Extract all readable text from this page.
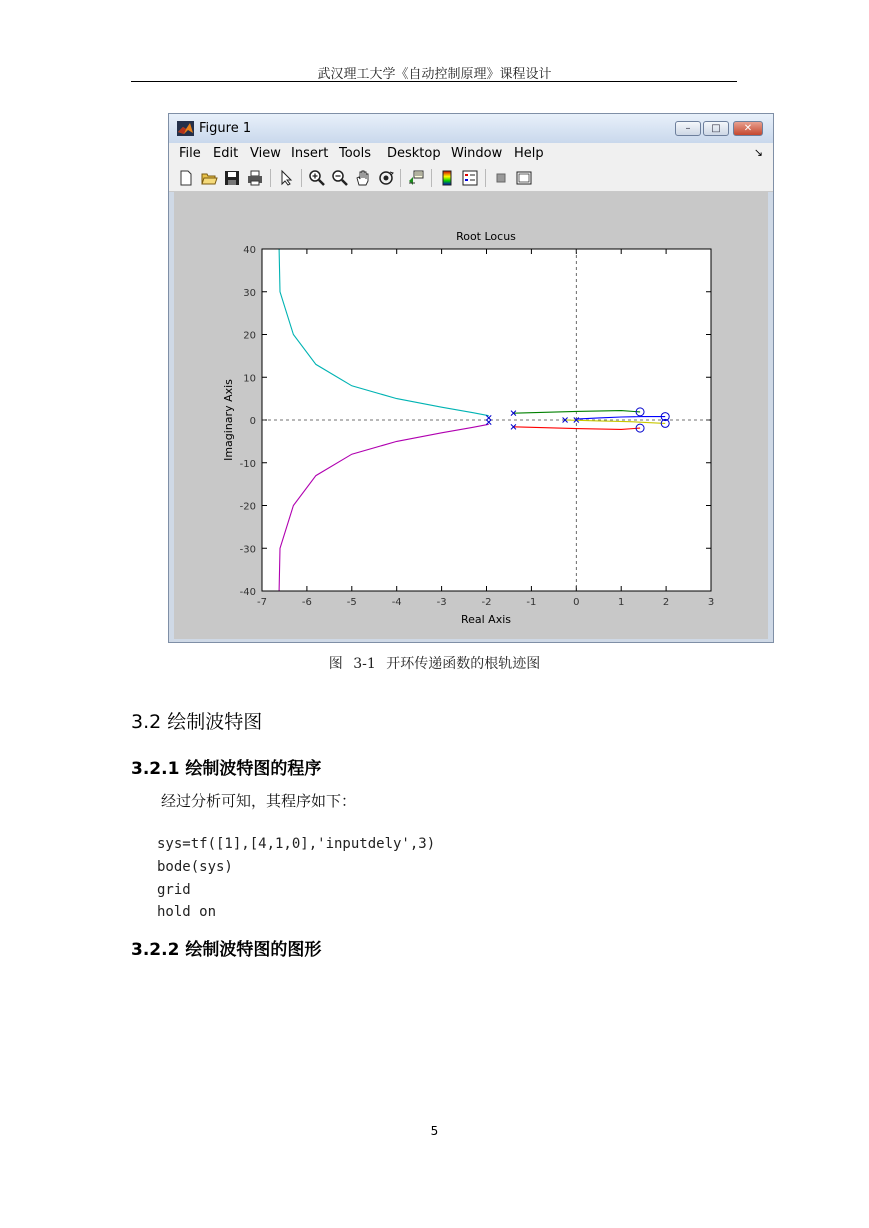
武汉理工大学《自动控制原理》课程设计
Figure 1	–	□	✕
File Edit View Insert Tools Desktop Window Help	↘
-7	-6	-5	-4	-3	-2	-1	0	1	2	3
-40
-30
-20
-10
0
10
20
30
40
Root Locus
Real Axis
Imaginary Axis
图 3-1 开环传递函数的根轨迹图
3.2 绘制波特图
3.2.1 绘制波特图的程序
经过分析可知，其程序如下：
sys=tf([1],[4,1,0],'inputdely',3)
bode(sys)
grid
hold on
3.2.2 绘制波特图的图形
5
